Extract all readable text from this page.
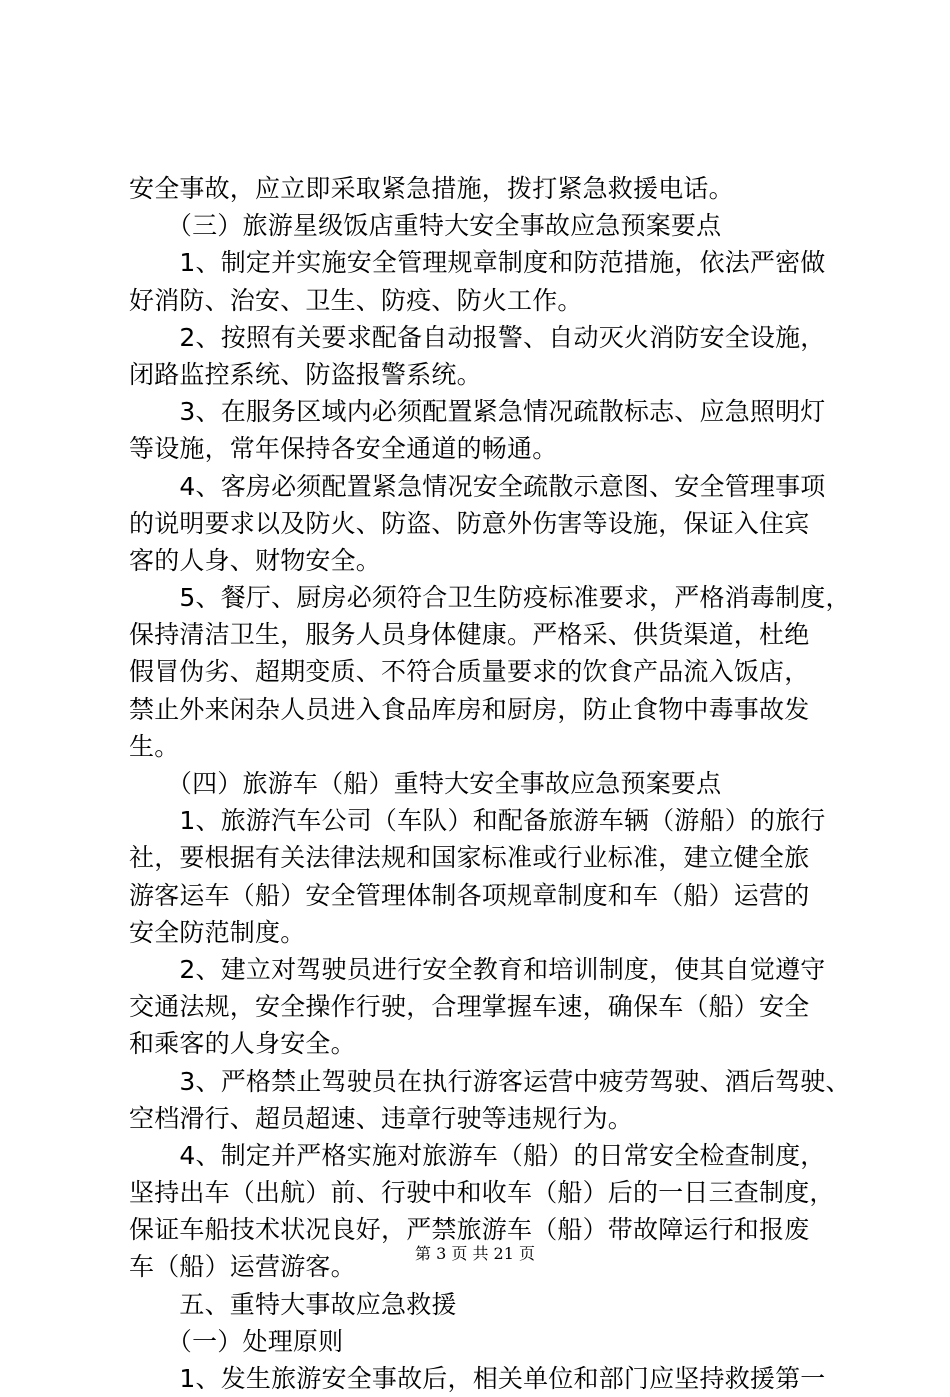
安全事故，应立即采取紧急措施，拨打紧急救援电话。
　　（三）旅游星级饭店重特大安全事故应急预案要点
　　1、制定并实施安全管理规章制度和防范措施，依法严密做
好消防、治安、卫生、防疫、防火工作。
　　2、按照有关要求配备自动报警、自动灭火消防安全设施，
闭路监控系统、防盗报警系统。
　　3、在服务区域内必须配置紧急情况疏散标志、应急照明灯
等设施，常年保持各安全通道的畅通。
　　4、客房必须配置紧急情况安全疏散示意图、安全管理事项
的说明要求以及防火、防盗、防意外伤害等设施，保证入住宾
客的人身、财物安全。
　　5、餐厅、厨房必须符合卫生防疫标准要求，严格消毒制度，
保持清洁卫生，服务人员身体健康。严格采、供货渠道，杜绝
假冒伪劣、超期变质、不符合质量要求的饮食产品流入饭店，
禁止外来闲杂人员进入食品库房和厨房，防止食物中毒事故发
生。
　　（四）旅游车（船）重特大安全事故应急预案要点
　　1、旅游汽车公司（车队）和配备旅游车辆（游船）的旅行
社，要根据有关法律法规和国家标准或行业标准，建立健全旅
游客运车（船）安全管理体制各项规章制度和车（船）运营的
安全防范制度。
　　2、建立对驾驶员进行安全教育和培训制度，使其自觉遵守
交通法规，安全操作行驶，合理掌握车速，确保车（船）安全
和乘客的人身安全。
　　3、严格禁止驾驶员在执行游客运营中疲劳驾驶、酒后驾驶、
空档滑行、超员超速、违章行驶等违规行为。
　　4、制定并严格实施对旅游车（船）的日常安全检查制度，
坚持出车（出航）前、行驶中和收车（船）后的一日三查制度，
保证车船技术状况良好，严禁旅游车（船）带故障运行和报废
车（船）运营游客。
　　五、重特大事故应急救援
　　（一）处理原则
　　1、发生旅游安全事故后，相关单位和部门应坚持救援第一
第 3 页 共 21 页
